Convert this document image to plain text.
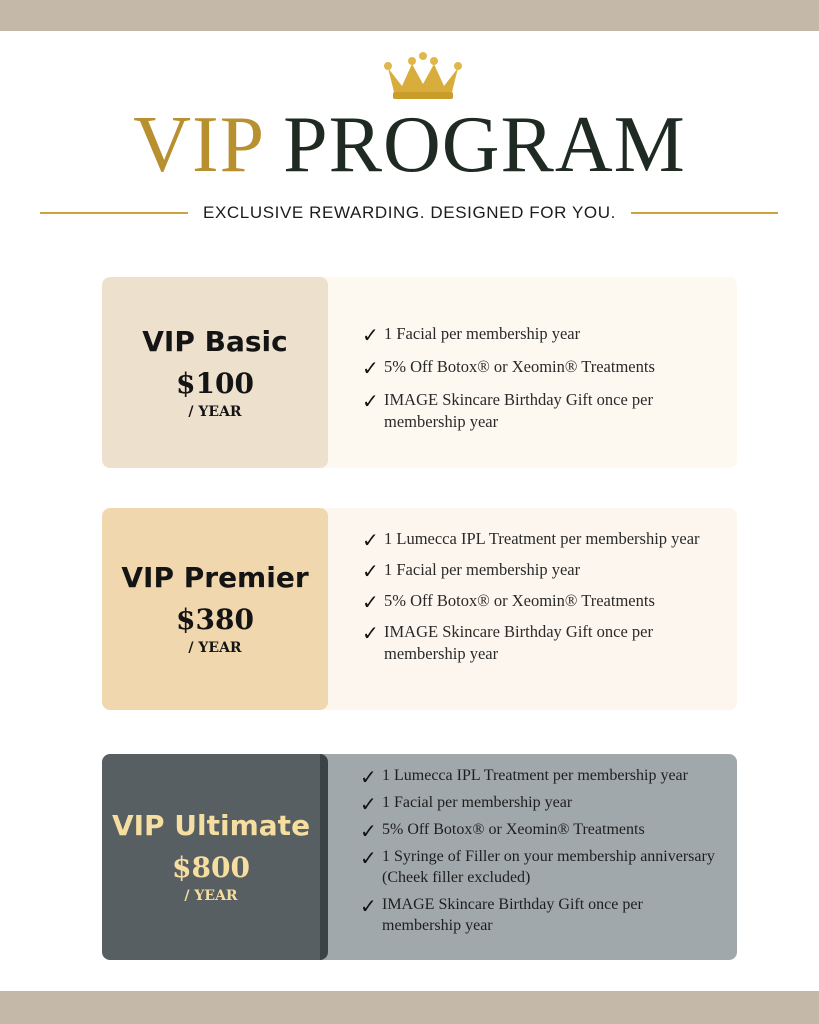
VIP PROGRAM
EXCLUSIVE REWARDING. DESIGNED FOR YOU.
VIP Basic
$100
/ YEAR
✓ 1 Facial per membership year
✓ 5% Off Botox® or Xeomin® Treatments
✓ IMAGE Skincare Birthday Gift once per membership year
VIP Premier
$380
/ YEAR
✓ 1 Lumecca IPL Treatment per membership year
✓ 1 Facial per membership year
✓ 5% Off Botox® or Xeomin® Treatments
✓ IMAGE Skincare Birthday Gift once per membership year
VIP Ultimate
$800
/ YEAR
✓ 1 Lumecca IPL Treatment per membership year
✓ 1 Facial per membership year
✓ 5% Off Botox® or Xeomin® Treatments
✓ 1 Syringe of Filler on your membership anniversary (Cheek filler excluded)
✓ IMAGE Skincare Birthday Gift once per membership year
